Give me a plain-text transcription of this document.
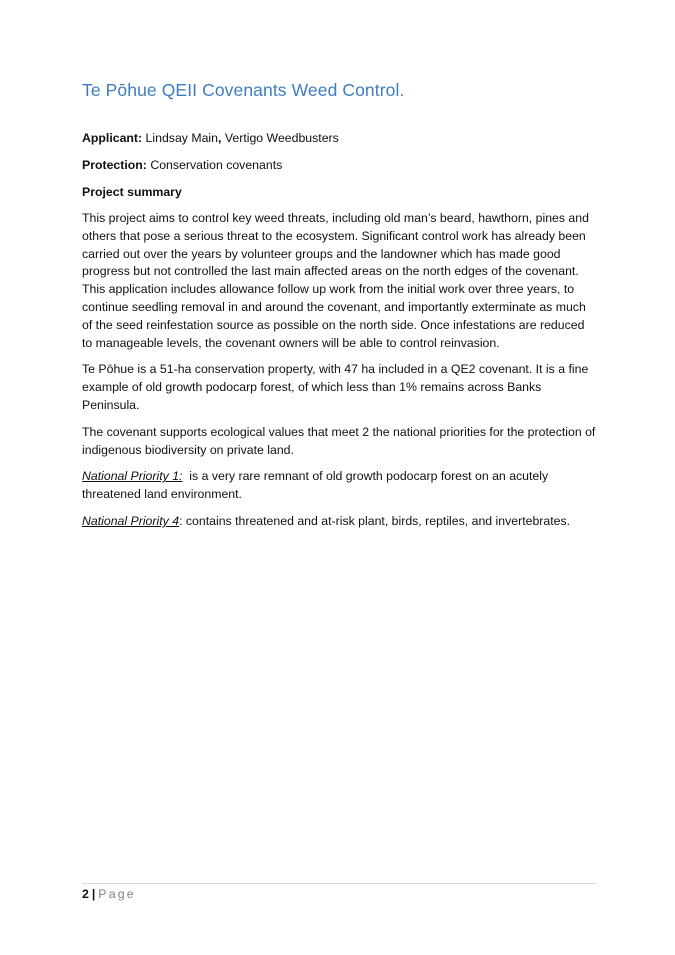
Te Pōhue QEII Covenants Weed Control.

Applicant: Lindsay Main, Vertigo Weedbusters

Protection: Conservation covenants

Project summary

This project aims to control key weed threats, including old man’s beard, hawthorn, pines and others that pose a serious threat to the ecosystem. Significant control work has already been carried out over the years by volunteer groups and the landowner which has made good progress but not controlled the last main affected areas on the north edges of the covenant. This application includes allowance follow up work from the initial work over three years, to continue seedling removal in and around the covenant, and importantly exterminate as much of the seed reinfestation source as possible on the north side. Once infestations are reduced to manageable levels, the covenant owners will be able to control reinvasion.

Te Pōhue is a 51-ha conservation property, with 47 ha included in a QE2 covenant. It is a fine example of old growth podocarp forest, of which less than 1% remains across Banks Peninsula.

The covenant supports ecological values that meet 2 the national priorities for the protection of indigenous biodiversity on private land.

National Priority 1:  is a very rare remnant of old growth podocarp forest on an acutely threatened land environment.

National Priority 4: contains threatened and at-risk plant, birds, reptiles, and invertebrates.

2 | Page
